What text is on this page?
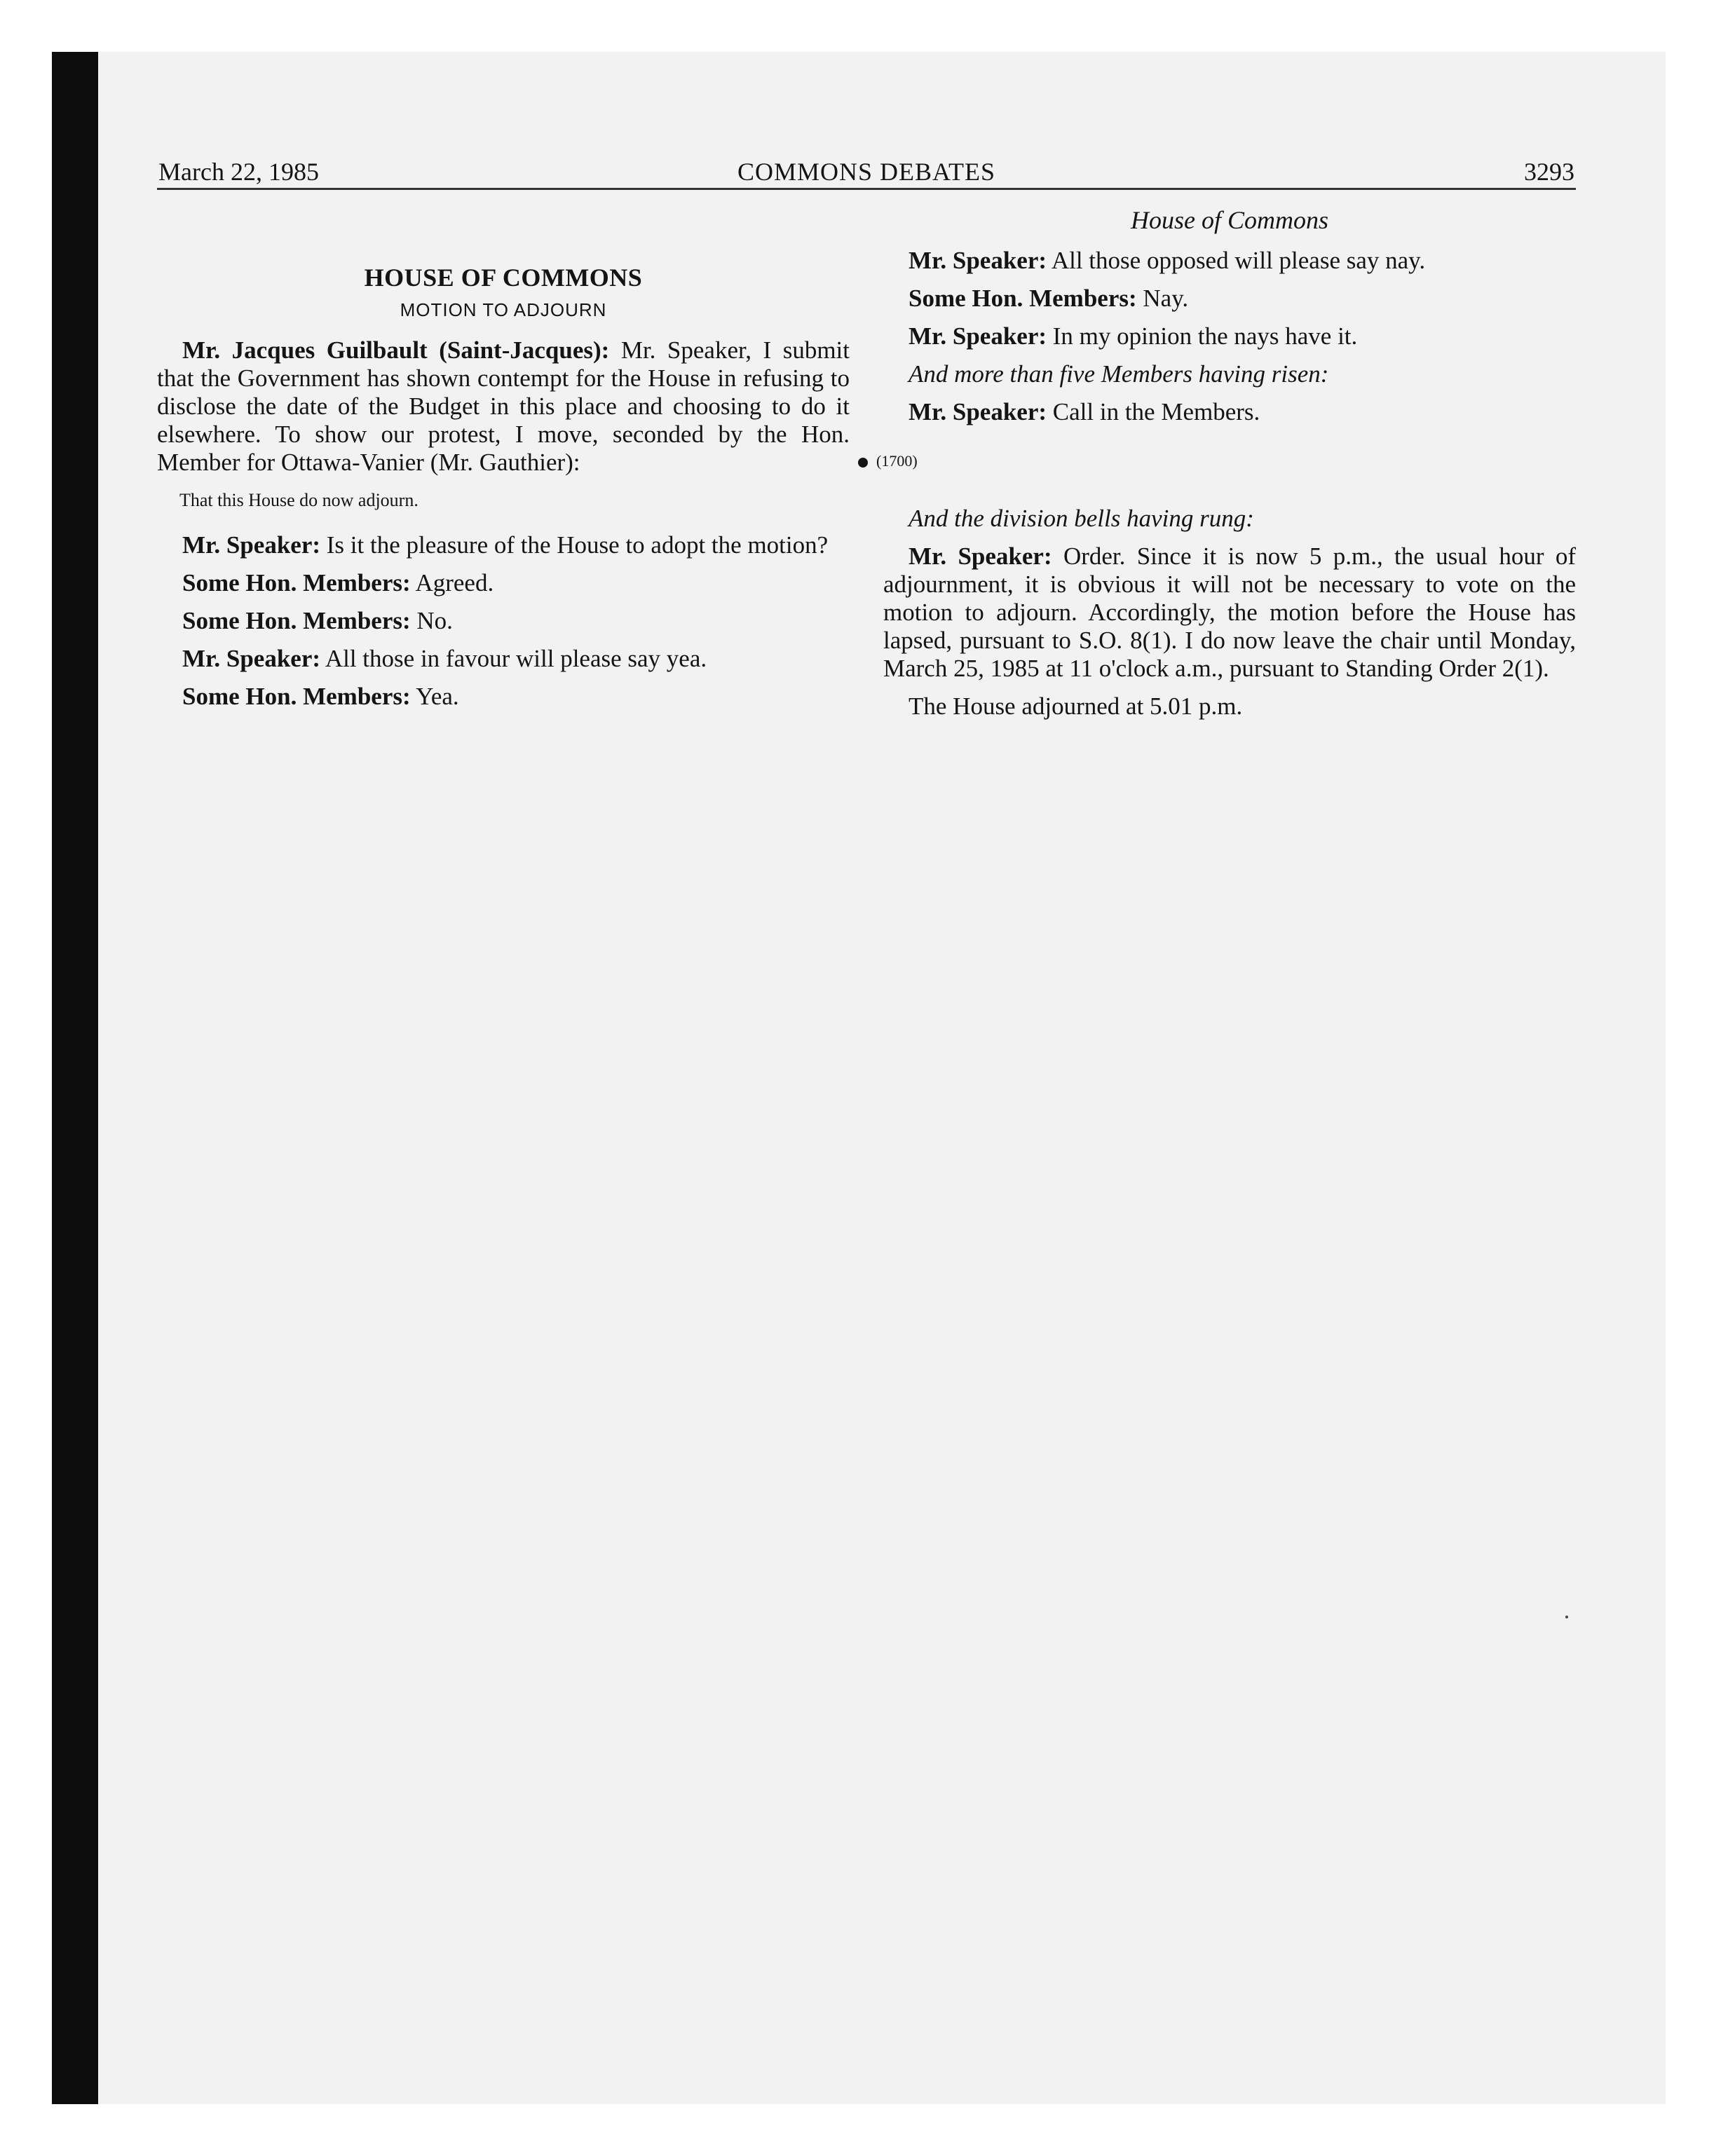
March 22, 1985	COMMONS DEBATES	3293
HOUSE OF COMMONS
MOTION TO ADJOURN

Mr. Jacques Guilbault (Saint-Jacques): Mr. Speaker, I submit that the Government has shown contempt for the House in refusing to disclose the date of the Budget in this place and choosing to do it elsewhere. To show our protest, I move, seconded by the Hon. Member for Ottawa-Vanier (Mr. Gauthier):

That this House do now adjourn.

Mr. Speaker: Is it the pleasure of the House to adopt the motion?

Some Hon. Members: Agreed.

Some Hon. Members: No.

Mr. Speaker: All those in favour will please say yea.

Some Hon. Members: Yea.

House of Commons

Mr. Speaker: All those opposed will please say nay.

Some Hon. Members: Nay.

Mr. Speaker: In my opinion the nays have it.

And more than five Members having risen:

Mr. Speaker: Call in the Members.

(1700)

And the division bells having rung:

Mr. Speaker: Order. Since it is now 5 p.m., the usual hour of adjournment, it is obvious it will not be necessary to vote on the motion to adjourn. Accordingly, the motion before the House has lapsed, pursuant to S.O. 8(1). I do now leave the chair until Monday, March 25, 1985 at 11 o'clock a.m., pursuant to Standing Order 2(1).

The House adjourned at 5.01 p.m.
